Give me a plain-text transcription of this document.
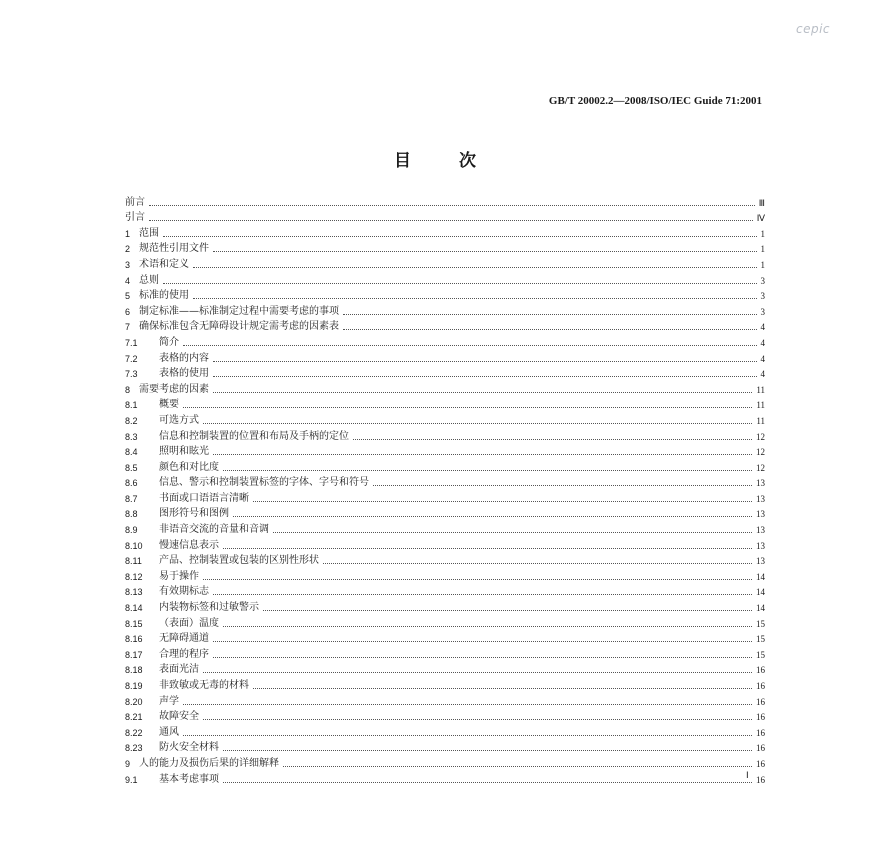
cepic
GB/T 20002.2—2008/ISO/IEC Guide 71:2001
目次
前言	Ⅲ
引言	Ⅳ
1 范围	1
2 规范性引用文件	1
3 术语和定义	1
4 总则	3
5 标准的使用	3
6 制定标准——标准制定过程中需要考虑的事项	3
7 确保标准包含无障碍设计规定需考虑的因素表	4
7.1	简介	4
7.2	表格的内容	4
7.3	表格的使用	4
8 需要考虑的因素	11
8.1	概要	11
8.2	可选方式	11
8.3	信息和控制装置的位置和布局及手柄的定位	12
8.4	照明和眩光	12
8.5	颜色和对比度	12
8.6	信息、警示和控制装置标签的字体、字号和符号	13
8.7	书面或口语语言清晰	13
8.8	图形符号和图例	13
8.9	非语音交流的音量和音调	13
8.10	慢速信息表示	13
8.11	产品、控制装置或包装的区别性形状	13
8.12	易于操作	14
8.13	有效期标志	14
8.14	内装物标签和过敏警示	14
8.15	（表面）温度	15
8.16	无障碍通道	15
8.17	合理的程序	15
8.18	表面光洁	16
8.19	非致敏或无毒的材料	16
8.20	声学	16
8.21	故障安全	16
8.22	通风	16
8.23	防火安全材料	16
9 人的能力及损伤后果的详细解释	16
9.1	基本考虑事项	16
Ⅰ
